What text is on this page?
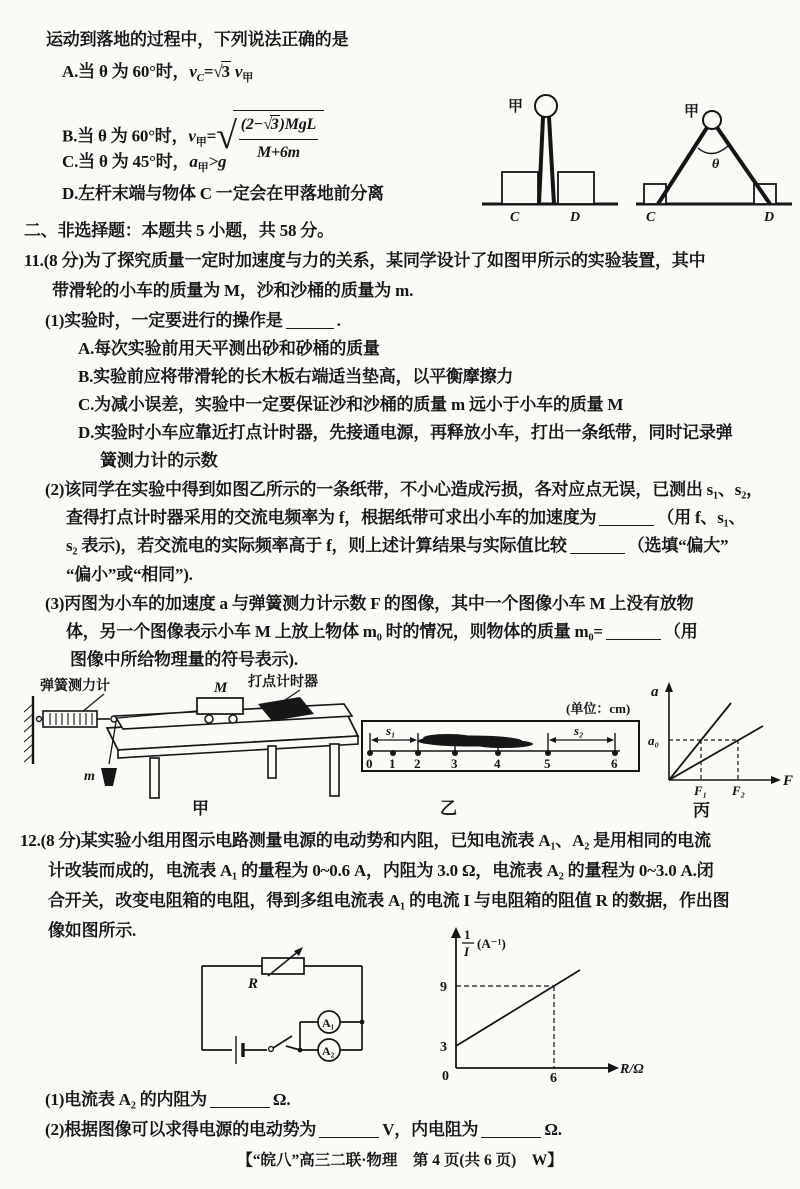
运动到落地的过程中，下列说法正确的是
A.当 θ 为 60°时，$v_C=√3$ $v_甲$
B.当 θ 为 60°时，$v_甲=√$
$\frac{\text{(2−√3)MgL}}{M+6m}$
C.当 θ 为 45°时，$a_甲>g$
D.左杆末端与物体 C 一定会在甲落地前分离
甲
C	D
θ
甲
C	D
二、非选择题：本题共 5 小题，共 58 分。
11.(8 分)为了探究质量一定时加速度与力的关系，某同学设计了如图甲所示的实验装置，其中
带滑轮的小车的质量为 M，沙和沙桶的质量为 m.
(1)实验时，一定要进行的操作是	.
A.每次实验前用天平测出砂和砂桶的质量
B.实验前应将带滑轮的长木板右端适当垫高，以平衡摩擦力
C.为减小误差，实验中一定要保证沙和沙桶的质量 m 远小于小车的质量 M
D.实验时小车应靠近打点计时器，先接通电源，再释放小车，打出一条纸带，同时记录弹
簧测力计的示数
(2)该同学在实验中得到如图乙所示的一条纸带，不小心造成污损，各对应点无误，已测出 s₁、s₂，
查得打点计时器采用的交流电频率为 f，根据纸带可求出小车的加速度为	（用 f、s₁、
s₂ 表示)，若交流电的实际频率高于 f，则上述计算结果与实际值比较	（选填“偏大”
“偏小”或“相同”).
(3)丙图为小车的加速度 a 与弹簧测力计示数 F 的图像，其中一个图像小车 M 上没有放物
体，另一个图像表示小车 M 上放上物体 m₀ 时的情况，则物体的质量 m₀=	（用
图像中所给物理量的符号表示).
弹簧测力计	打点计时器
M
m
甲
(单位：cm)
s₁	s₂
0 1 2 3	4	5	6
乙
a
F
a₀
F₁ F₂
丙
12.(8 分)某实验小组用图示电路测量电源的电动势和内阻，已知电流表 A₁、A₂ 是用相同的电流
计改装而成的，电流表 A₁ 的量程为 0~0.6 A，内阻为 3.0 Ω，电流表 A₂ 的量程为 0~3.0 A.闭
合开关，改变电阻箱的电阻，得到多组电流表 A₁ 的电流 I 与电阻箱的阻值 R 的数据，作出图
像如图所示.
R
A₁
A₂
1
I
(A⁻¹)
R/Ω
9
3
0	6
(1)电流表 A₂ 的内阻为	Ω.
(2)根据图像可以求得电源的电动势为	V，内电阻为	Ω.
【“皖八”高三二联·物理　第 4 页(共 6 页)　W】
